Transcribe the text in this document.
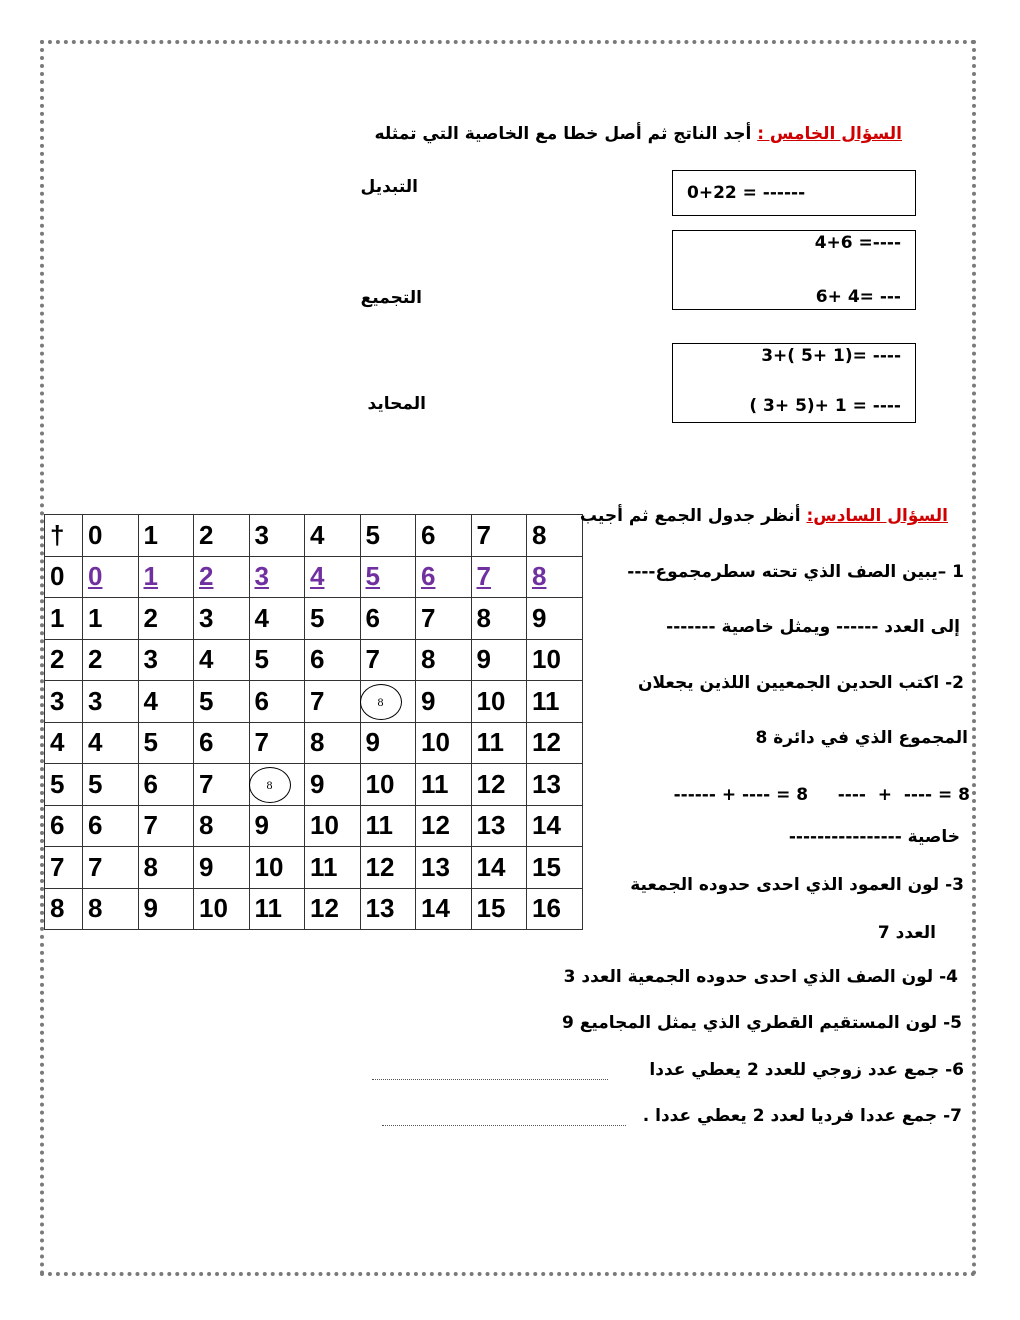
السؤال الخامس : أجد الناتج ثم أصل خطا مع الخاصية التي تمثله
0+22 = ------
----= 4+6
--- =4 +6
---- =(1 +5 )+3
---- = 1 +(5 +3 )
التبديل
التجميع
المحايد
†	0	1	2	3	4	5	6	7	8
0	0	1	2	3	4	5	6	7	8
1	1	2	3	4	5	6	7	8	9
2	2	3	4	5	6	7	8	9	10
3	3	4	5	6	7	8	9	10	11
4	4	5	6	7	8	9	10	11	12
5	5	6	7	8	9	10	11	12	13
6	6	7	8	9	10	11	12	13	14
7	7	8	9	10	11	12	13	14	15
8	8	9	10	11	12	13	14	15	16
السؤال السادس: أنظر جدول الجمع ثم أجيب
1 –يبين الصف الذي تحته سطرمجموع----
إلى العدد ------ ويمثل خاصية -------
2- اكتب الحدين الجمعيين اللذين يجعلان
المجموع الذي في دائرة 8
------ + ---- = 8     ----  +  ---- = 8
خاصية ----------------
3- لون العمود الذي احدى حدوده الجمعية
العدد 7
4- لون الصف الذي احدى حدوده الجمعية العدد 3
5- لون المستقيم القطري الذي يمثل المجاميع 9
6- جمع عدد زوجي للعدد 2 يعطي عددا
7- جمع عددا فرديا لعدد 2 يعطي عددا .
